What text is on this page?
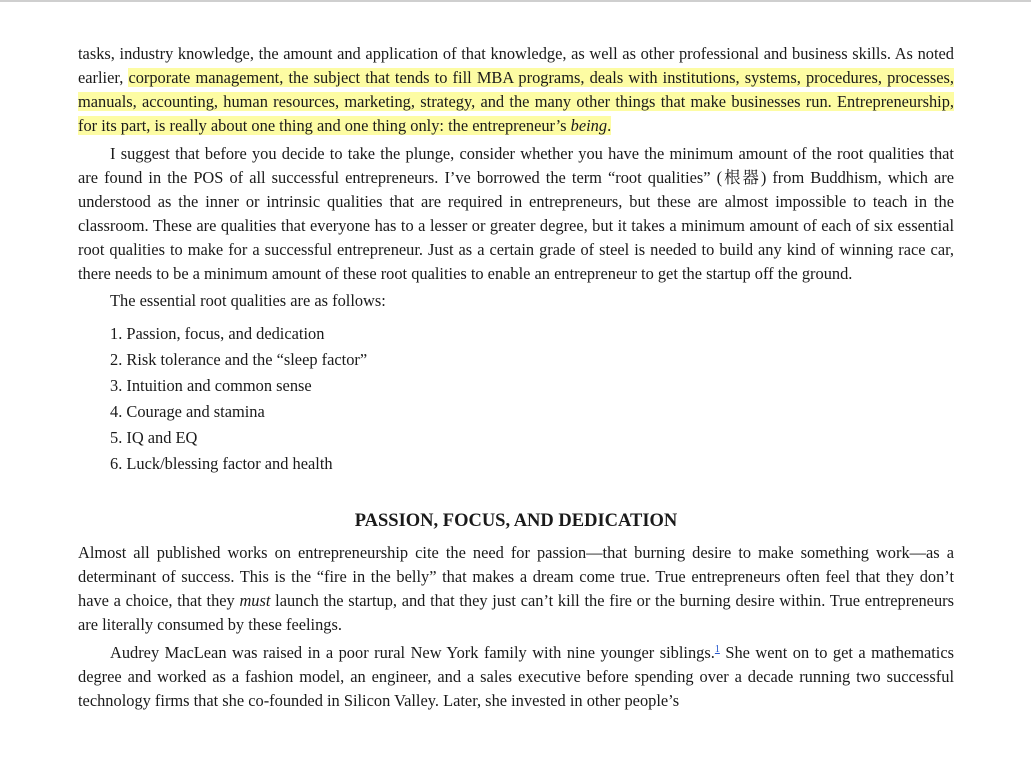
tasks, industry knowledge, the amount and application of that knowledge, as well as other professional and business skills. As noted earlier, corporate management, the subject that tends to fill MBA programs, deals with institutions, systems, procedures, processes, manuals, accounting, human resources, marketing, strategy, and the many other things that make businesses run. Entrepreneurship, for its part, is really about one thing and one thing only: the entrepreneur’s being.

I suggest that before you decide to take the plunge, consider whether you have the minimum amount of the root qualities that are found in the POS of all successful entrepreneurs. I’ve borrowed the term “root qualities” (根器) from Buddhism, which are understood as the inner or intrinsic qualities that are required in entrepreneurs, but these are almost impossible to teach in the classroom. These are qualities that everyone has to a lesser or greater degree, but it takes a minimum amount of each of six essential root qualities to make for a successful entrepreneur. Just as a certain grade of steel is needed to build any kind of winning race car, there needs to be a minimum amount of these root qualities to enable an entrepreneur to get the startup off the ground.

The essential root qualities are as follows:

1. Passion, focus, and dedication
2. Risk tolerance and the “sleep factor”
3. Intuition and common sense
4. Courage and stamina
5. IQ and EQ
6. Luck/blessing factor and health
PASSION, FOCUS, AND DEDICATION

Almost all published works on entrepreneurship cite the need for passion—that burning desire to make something work—as a determinant of success. This is the “fire in the belly” that makes a dream come true. True entrepreneurs often feel that they don’t have a choice, that they must launch the startup, and that they just can’t kill the fire or the burning desire within. True entrepreneurs are literally consumed by these feelings.

Audrey MacLean was raised in a poor rural New York family with nine younger siblings.$^1$ She went on to get a mathematics degree and worked as a fashion model, an engineer, and a sales executive before spending over a decade running two successful technology firms that she co-founded in Silicon Valley. Later, she invested in other people’s
